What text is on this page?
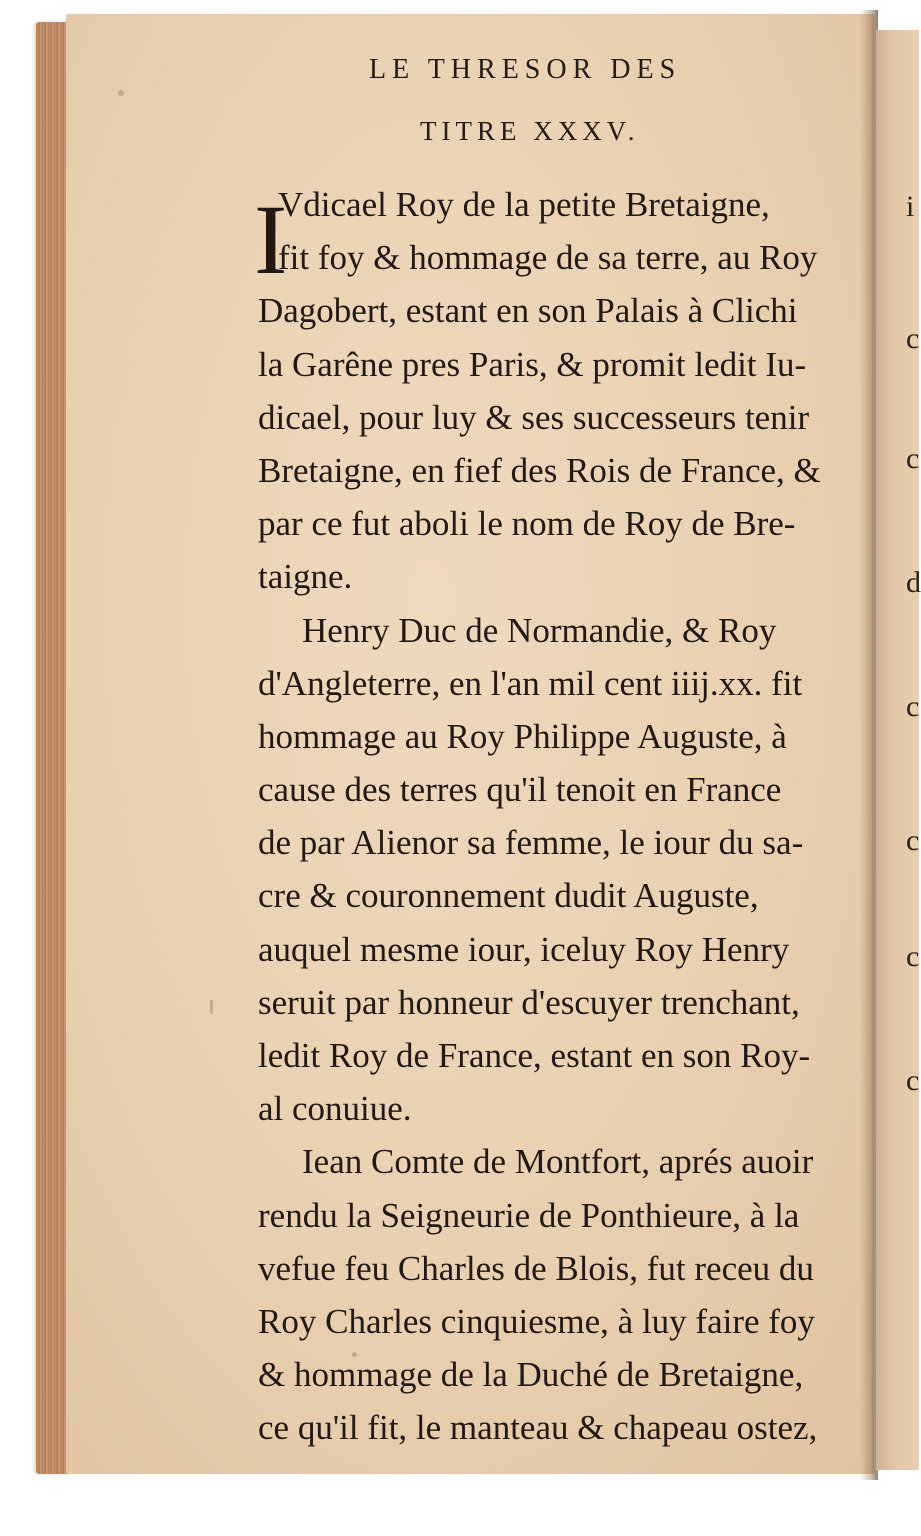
i
c
c
d
c
c
c
c
LE THRESOR DES
TITRE XXXV.
I
Vdicael Roy de la petite Bretaigne,
fit foy & hommage de sa terre, au Roy
Dagobert, estant en son Palais à Clichi
la Garêne pres Paris, & promit ledit Iu-
dicael, pour luy & ses successeurs tenir
Bretaigne, en fief des Rois de France, &
par ce fut aboli le nom de Roy de Bre-
taigne.
Henry Duc de Normandie, & Roy
d'Angleterre, en l'an mil cent iiij.xx. fit
hommage au Roy Philippe Auguste, à
cause des terres qu'il tenoit en France
de par Alienor sa femme, le iour du sa-
cre & couronnement dudit Auguste,
auquel mesme iour, iceluy Roy Henry
seruit par honneur d'escuyer trenchant,
ledit Roy de France, estant en son Roy-
al conuiue.
Iean Comte de Montfort, aprés auoir
rendu la Seigneurie de Ponthieure, à la
vefue feu Charles de Blois, fut receu du
Roy Charles cinquiesme, à luy faire foy
& hommage de la Duché de Bretaigne,
ce qu'il fit, le manteau & chapeau ostez,
